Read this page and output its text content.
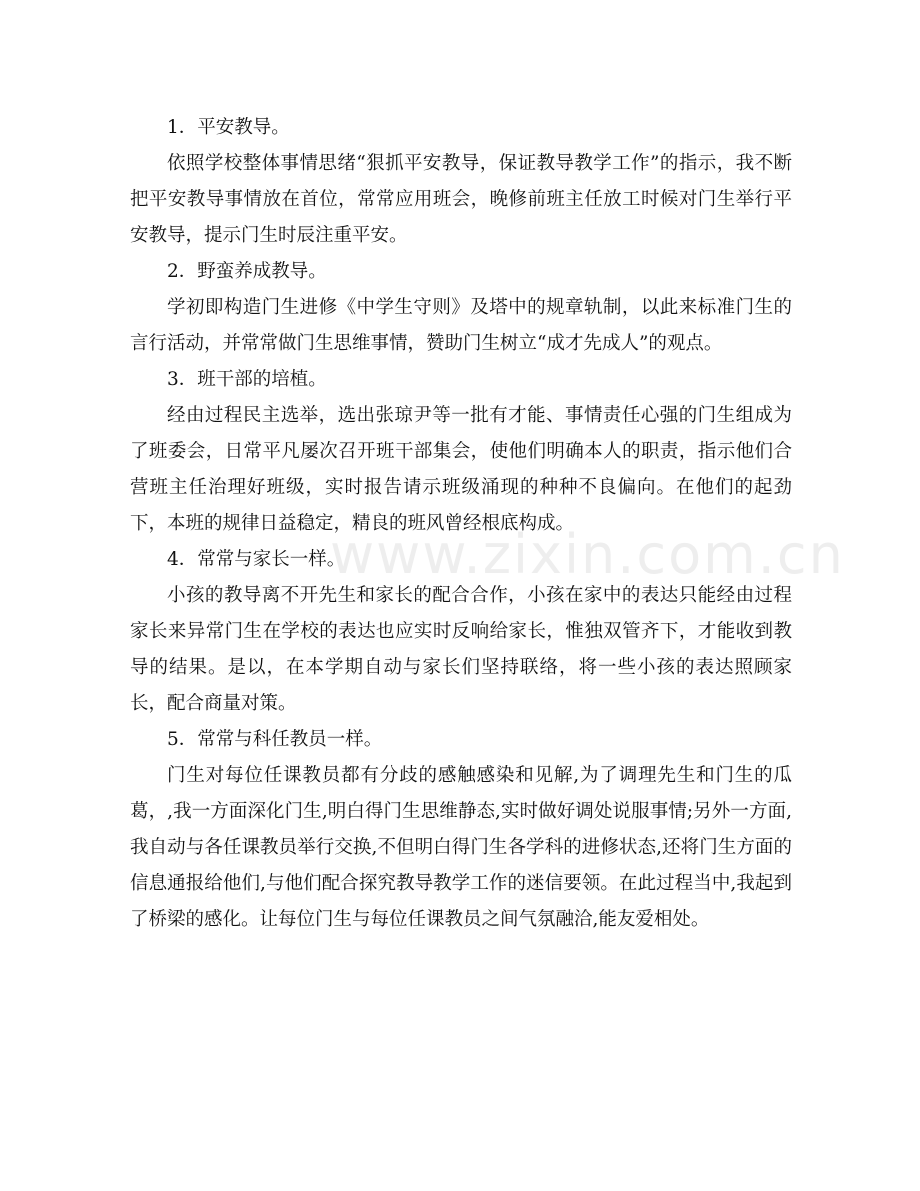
1．平安教导。

依照学校整体事情思绪“狠抓平安教导，保证教导教学工作”的指示，我不断把平安教导事情放在首位，常常应用班会，晚修前班主任放工时候对门生举行平安教导，提示门生时辰注重平安。

2．野蛮养成教导。

学初即构造门生进修《中学生守则》及塔中的规章轨制，以此来标准门生的言行活动，并常常做门生思维事情，赞助门生树立“成才先成人”的观点。

3．班干部的培植。

经由过程民主选举，选出张琼尹等一批有才能、事情责任心强的门生组成为了班委会，日常平凡屡次召开班干部集会，使他们明确本人的职责，指示他们合营班主任治理好班级，实时报告请示班级涌现的种种不良偏向。在他们的起劲下，本班的规律日益稳定，精良的班风曾经根底构成。

4．常常与家长一样。

小孩的教导离不开先生和家长的配合合作，小孩在家中的表达只能经由过程家长来异常门生在学校的表达也应实时反响给家长，惟独双管齐下，才能收到教导的结果。是以，在本学期自动与家长们坚持联络，将一些小孩的表达照顾家长，配合商量对策。

5．常常与科任教员一样。

门生对每位任课教员都有分歧的感触感染和见解,为了调理先生和门生的瓜葛，,我一方面深化门生,明白得门生思维静态,实时做好调处说服事情;另外一方面,我自动与各任课教员举行交换,不但明白得门生各学科的进修状态,还将门生方面的信息通报给他们,与他们配合探究教导教学工作的迷信要领。在此过程当中,我起到了桥梁的感化。让每位门生与每位任课教员之间气氛融洽,能友爱相处。

www.zixin.com.cn
